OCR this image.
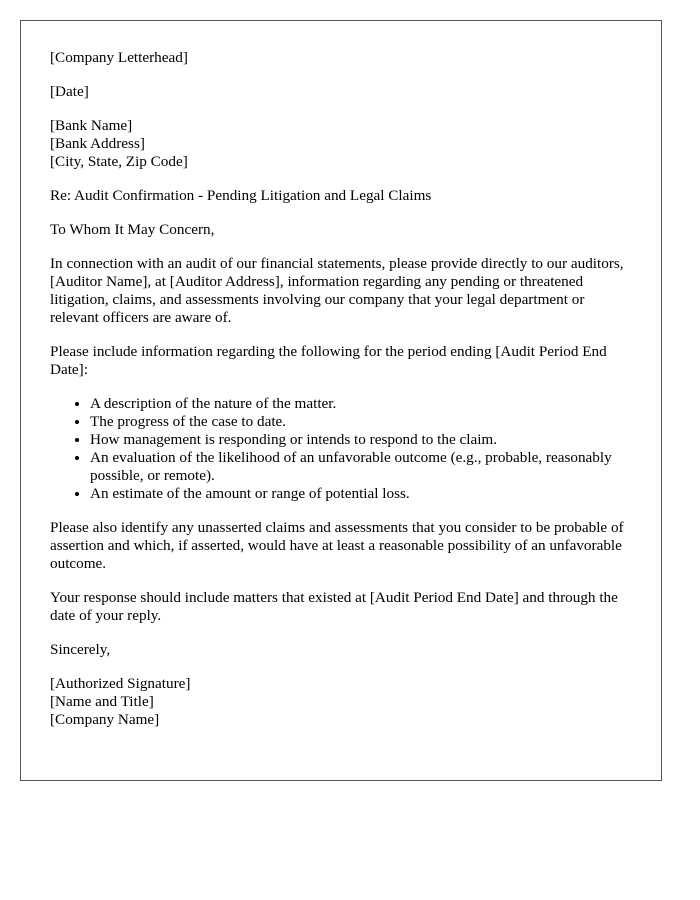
[Company Letterhead]

[Date]

[Bank Name]
[Bank Address]
[City, State, Zip Code]

Re: Audit Confirmation - Pending Litigation and Legal Claims

To Whom It May Concern,

In connection with an audit of our financial statements, please provide directly to our auditors, [Auditor Name], at [Auditor Address], information regarding any pending or threatened litigation, claims, and assessments involving our company that your legal department or relevant officers are aware of.

Please include information regarding the following for the period ending [Audit Period End Date]:

• A description of the nature of the matter.
• The progress of the case to date.
• How management is responding or intends to respond to the claim.
• An evaluation of the likelihood of an unfavorable outcome (e.g., probable, reasonably possible, or remote).
• An estimate of the amount or range of potential loss.

Please also identify any unasserted claims and assessments that you consider to be probable of assertion and which, if asserted, would have at least a reasonable possibility of an unfavorable outcome.

Your response should include matters that existed at [Audit Period End Date] and through the date of your reply.

Sincerely,

[Authorized Signature]
[Name and Title]
[Company Name]
